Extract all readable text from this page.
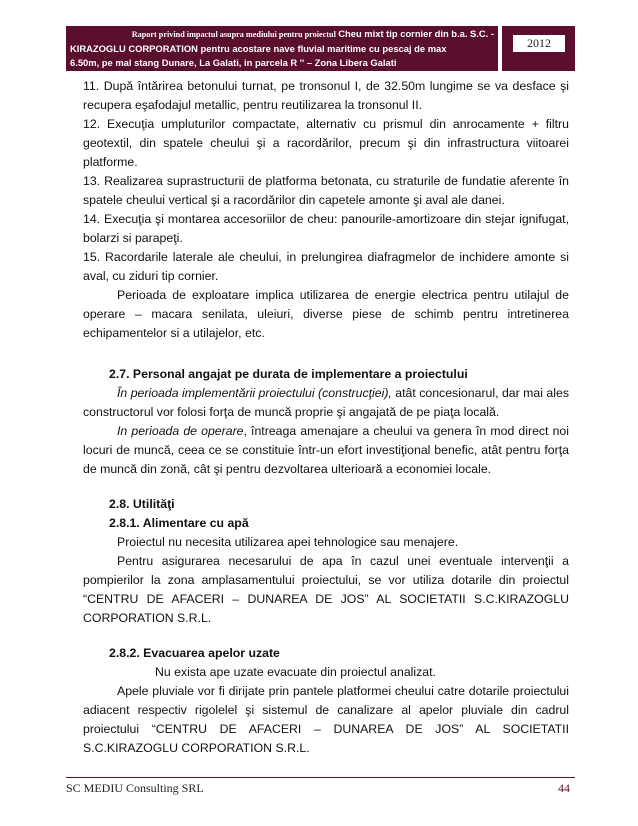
Raport privind impactul asupra mediului pentru proiectul Cheu mixt tip cornier din b.a. S.C. -
KIRAZOGLU CORPORATION pentru acostare nave fluvial maritime cu pescaj de max
6.50m, pe mal stang Dunare, La Galati, in parcela R '' – Zona Libera Galati
2012

11. După întărirea betonului turnat, pe tronsonul I, de 32.50m lungime se va desface şi recupera eşafodajul metallic, pentru reutilizarea la tronsonul II.

12. Execuţia umpluturilor compactate, alternativ cu prismul din anrocamente + filtru geotextil, din spatele cheului şi a racordărilor, precum şi din infrastructura viitoarei platforme.

13. Realizarea suprastructurii de platforma betonata, cu straturile de fundatie aferente în spatele cheului vertical şi a racordărilor din capetele amonte şi aval ale danei.

14. Execuţia şi montarea accesoriilor de cheu: panourile-amortizoare din stejar ignifugat, bolarzi si parapeţi.

15. Racordarile laterale ale cheului, in prelungirea diafragmelor de inchidere amonte si aval, cu ziduri tip cornier.

Perioada de exploatare implica utilizarea de energie electrica pentru utilajul de operare – macara senilata, uleiuri, diverse piese de schimb pentru intretinerea echipamentelor si a utilajelor, etc.

2.7. Personal angajat pe durata de implementare a proiectului

În perioada implementării proiectului (construcţiei), atât concesionarul, dar mai ales constructorul vor folosi forţa de muncă proprie şi angajată de pe piaţa locală.

In perioada de operare, întreaga amenajare a cheului va genera în mod direct noi locuri de muncă, ceea ce se constituie într-un efort investiţional benefic, atât pentru forţa de muncă din zonă, cât şi pentru dezvoltarea ulterioară a economiei locale.

2.8. Utilităţi

2.8.1. Alimentare cu apă

Proiectul nu necesita utilizarea apei tehnologice sau menajere.

Pentru asigurarea necesarului de apa în cazul unei eventuale intervenţii a pompierilor la zona amplasamentului proiectului, se vor utiliza dotarile din proiectul “CENTRU DE AFACERI – DUNAREA DE JOS” AL SOCIETATII S.C.KIRAZOGLU CORPORATION S.R.L.

2.8.2. Evacuarea apelor uzate

Nu exista ape uzate evacuate din proiectul analizat.

Apele pluviale vor fi dirijate prin pantele platformei cheului catre dotarile proiectului adiacent respectiv rigolelel şi sistemul de canalizare al apelor pluviale din cadrul proiectului “CENTRU DE AFACERI – DUNAREA DE JOS” AL SOCIETATII S.C.KIRAZOGLU CORPORATION S.R.L.

SC MEDIU Consulting SRL	44
